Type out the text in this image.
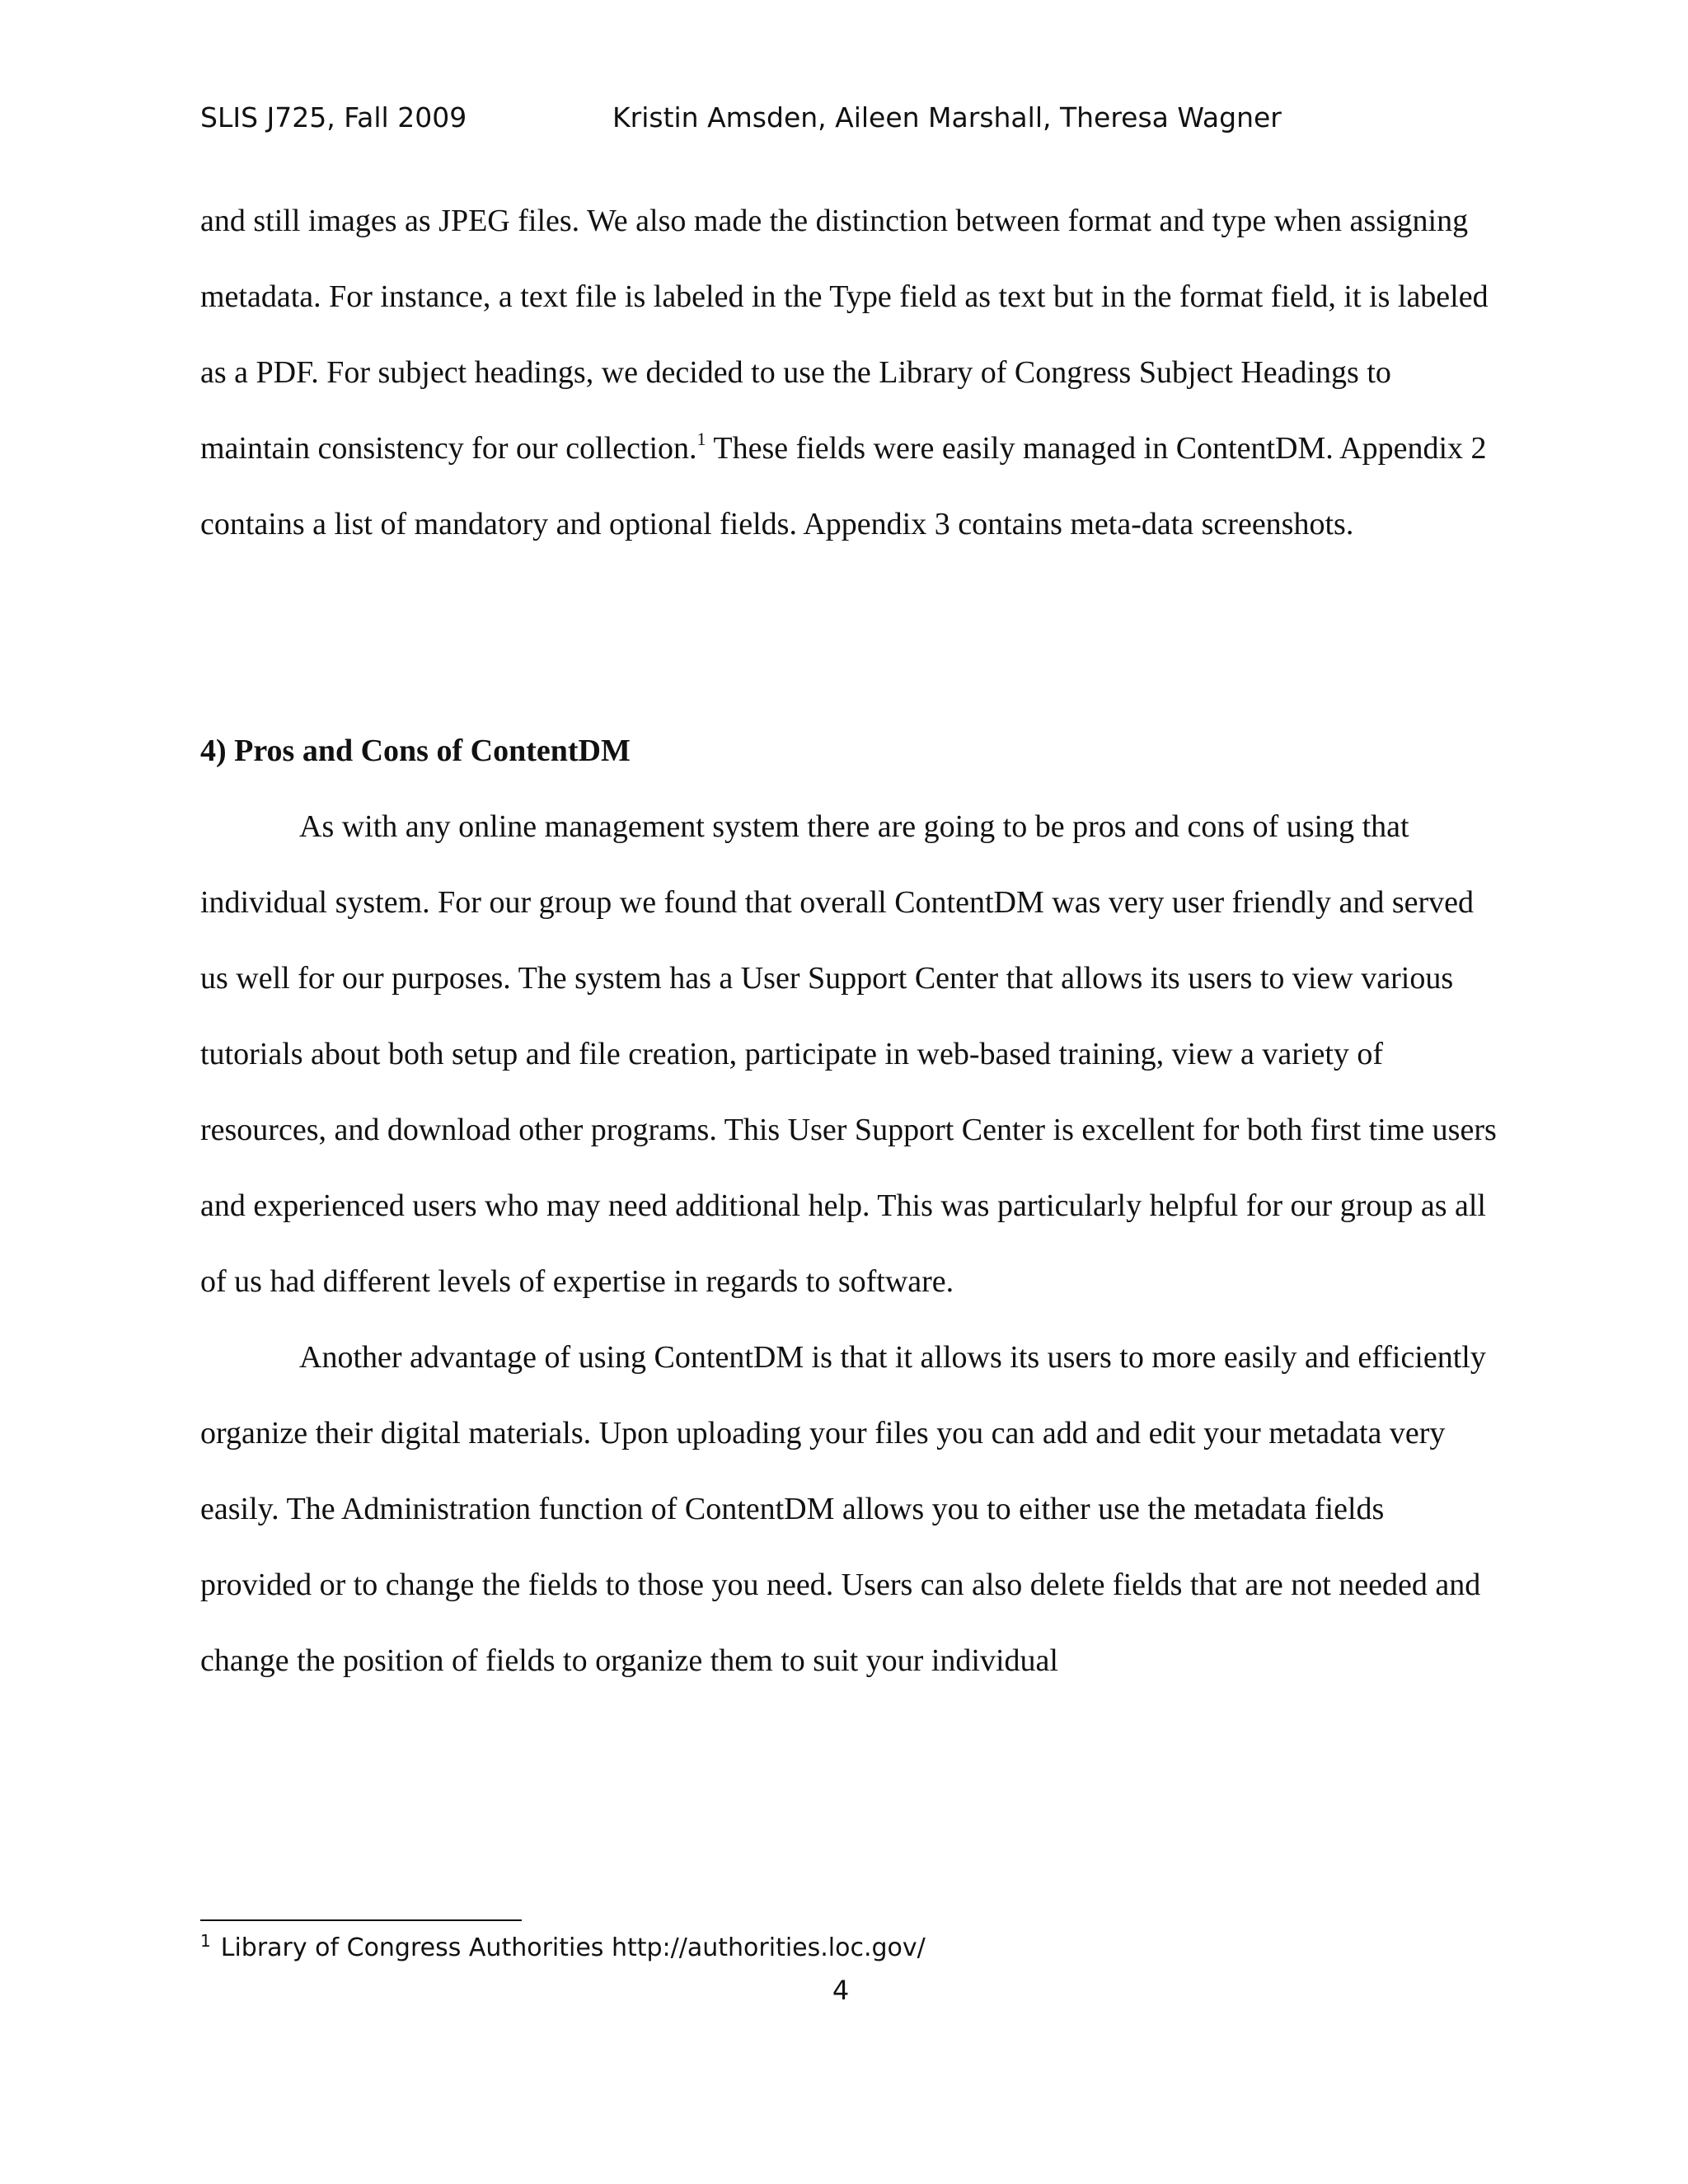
SLIS J725, Fall 2009	Kristin Amsden, Aileen Marshall, Theresa Wagner

and still images as JPEG files. We also made the distinction between format and type when assigning metadata. For instance, a text file is labeled in the Type field as text but in the format field, it is labeled as a PDF. For subject headings, we decided to use the Library of Congress Subject Headings to maintain consistency for our collection.$^1$ These fields were easily managed in ContentDM. Appendix 2 contains a list of mandatory and optional fields. Appendix 3 contains meta-data screenshots.

4) Pros and Cons of ContentDM

As with any online management system there are going to be pros and cons of using that individual system. For our group we found that overall ContentDM was very user friendly and served us well for our purposes. The system has a User Support Center that allows its users to view various tutorials about both setup and file creation, participate in web-based training, view a variety of resources, and download other programs. This User Support Center is excellent for both first time users and experienced users who may need additional help. This was particularly helpful for our group as all of us had different levels of expertise in regards to software.

Another advantage of using ContentDM is that it allows its users to more easily and efficiently organize their digital materials. Upon uploading your files you can add and edit your metadata very easily. The Administration function of ContentDM allows you to either use the metadata fields provided or to change the fields to those you need. Users can also delete fields that are not needed and change the position of fields to organize them to suit your individual

$^1$ Library of Congress Authorities http://authorities.loc.gov/
4
